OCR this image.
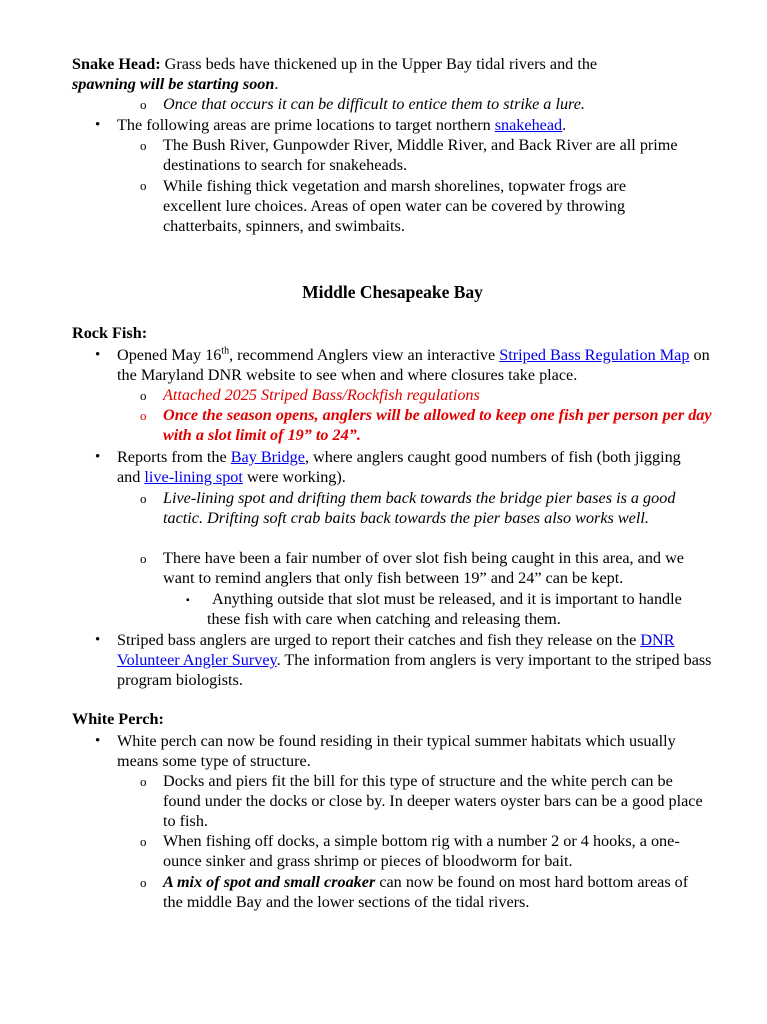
Snake Head: Grass beds have thickened up in the Upper Bay tidal rivers and the
spawning will be starting soon.

o Once that occurs it can be difficult to entice them to strike a lure.

• The following areas are prime locations to target northern snakehead.

o The Bush River, Gunpowder River, Middle River, and Back River are all prime destinations to search for snakeheads.

o While fishing thick vegetation and marsh shorelines, topwater frogs are excellent lure choices. Areas of open water can be covered by throwing chatterbaits, spinners, and swimbaits.

Middle Chesapeake Bay

Rock Fish:

• Opened May 16th, recommend Anglers view an interactive Striped Bass Regulation Map on the Maryland DNR website to see when and where closures take place.

o Attached 2025 Striped Bass/Rockfish regulations

o Once the season opens, anglers will be allowed to keep one fish per person per day with a slot limit of 19” to 24”.

• Reports from the Bay Bridge, where anglers caught good numbers of fish (both jigging and live-lining spot were working).

o Live-lining spot and drifting them back towards the bridge pier bases is a good tactic. Drifting soft crab baits back towards the pier bases also works well.

o There have been a fair number of over slot fish being caught in this area, and we want to remind anglers that only fish between 19” and 24” can be kept.

▪	Anything outside that slot must be released, and it is important to handle these fish with care when catching and releasing them.

• Striped bass anglers are urged to report their catches and fish they release on the DNR Volunteer Angler Survey. The information from anglers is very important to the striped bass program biologists.

White Perch:

• White perch can now be found residing in their typical summer habitats which usually means some type of structure.

o Docks and piers fit the bill for this type of structure and the white perch can be found under the docks or close by. In deeper waters oyster bars can be a good place to fish.

o When fishing off docks, a simple bottom rig with a number 2 or 4 hooks, a one-ounce sinker and grass shrimp or pieces of bloodworm for bait.

o A mix of spot and small croaker can now be found on most hard bottom areas of the middle Bay and the lower sections of the tidal rivers.
